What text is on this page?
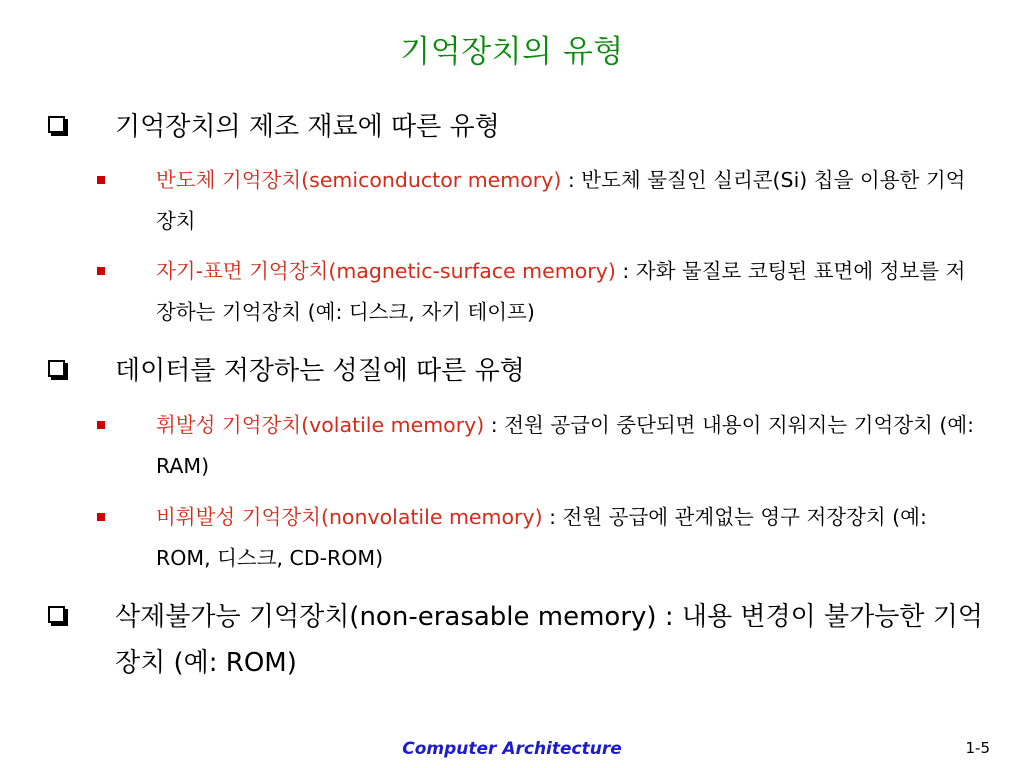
기억장치의 유형
기억장치의 제조 재료에 따른 유형
반도체 기억장치(semiconductor memory) : 반도체 물질인 실리콘(Si) 칩을 이용한 기억장치
자기-표면 기억장치(magnetic-surface memory) : 자화 물질로 코팅된 표면에 정보를 저장하는 기억장치 (예: 디스크, 자기 테이프)
데이터를 저장하는 성질에 따른 유형
휘발성 기억장치(volatile memory) : 전원 공급이 중단되면 내용이 지워지는 기억장치 (예: RAM)
비휘발성 기억장치(nonvolatile memory) : 전원 공급에 관계없는 영구 저장장치 (예: ROM, 디스크, CD-ROM)
삭제불가능 기억장치(non-erasable memory) : 내용 변경이 불가능한 기억장치 (예: ROM)
Computer Architecture	1-5
